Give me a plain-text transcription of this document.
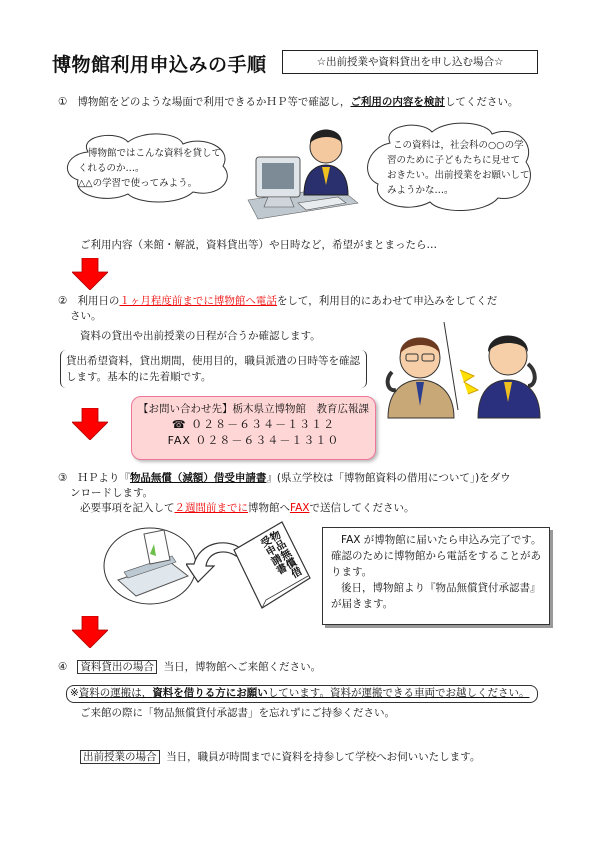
博物館利用申込みの手順	☆出前授業や資料貸出を申し込む場合☆
① 博物館をどのような場面で利用できるかＨＰ等で確認し，ご利用の内容を検討してください。
博物館ではこんな資料を貸して
くれるのか…。
△△の学習で使ってみよう。
この資料は，社会科の○○の学
習のために子どもたちに見せて
おきたい。出前授業をお願いして
みようかな…。
ご利用内容（来館・解説，資料貸出等）や日時など，希望がまとまったら…
② 利用日の１ヶ月程度前までに博物館へ電話をして，利用目的にあわせて申込みをしてくだ
さい。
資料の貸出や出前授業の日程が合うか確認します。
貸出希望資料，貸出期間，使用目的，職員派遣の日時等を確認
します。基本的に先着順です。
【お問い合わせ先】栃木県立博物館　教育広報課
☎ ０２８－６３４－１３１２
FAX ０２８－６３４－１３１０
③ ＨＰより『物品無償（減額）借受申請書』(県立学校は「博物館資料の借用について」)をダウ
ンロードします。
必要事項を記入して２週間前までに博物館へFAXで送信してください。
物品無償借受申請書	FAX が博物館に届いたら申込み完了です。
確認のために博物館から電話をすることがあ
ります。
後日，博物館より『物品無償貸付承認書』
が届きます。
④ 資料貸出の場合 当日，博物館へご来館ください。
※資料の運搬は，資料を借りる方にお願いしています。資料が運搬できる車両でお越しください。
ご来館の際に「物品無償貸付承認書」を忘れずにご持参ください。
出前授業の場合 当日，職員が時間までに資料を持参して学校へお伺いいたします。
